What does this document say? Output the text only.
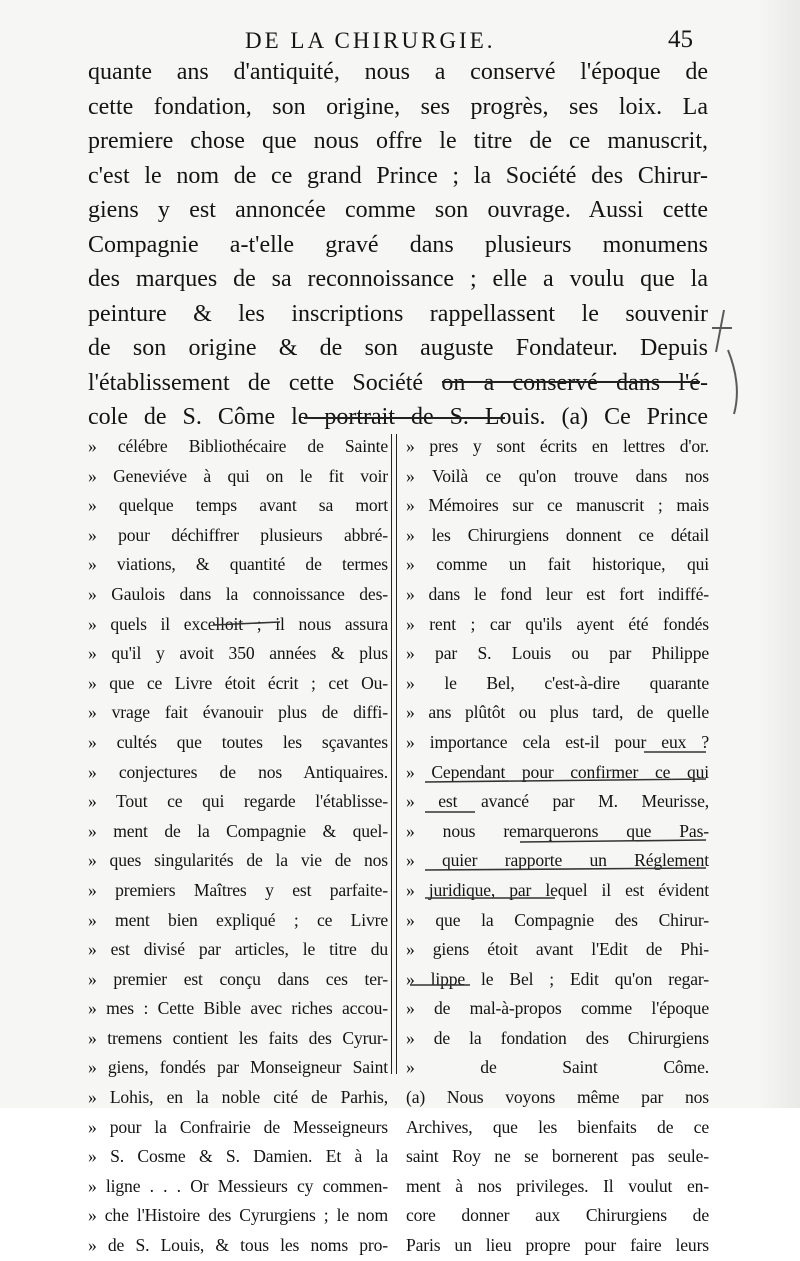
DE LA CHIRURGIE.	45
quante ans d'antiquité, nous a conservé l'époque de
cette fondation, son origine, ses progrès, ses loix. La
premiere chose que nous offre le titre de ce manuscrit,
c'est le nom de ce grand Prince ; la Société des Chirur-
giens y est annoncée comme son ouvrage. Aussi cette
Compagnie a-t'elle gravé dans plusieurs monumens
des marques de sa reconnoissance ; elle a voulu que la
peinture & les inscriptions rappellassent le souvenir
de son origine & de son auguste Fondateur. Depuis
l'établissement de cette Société on a conservé dans l'é-
cole de S. Côme le portrait de S. Louis. (a) Ce Prince
» célébre Bibliothécaire de Sainte
» Geneviéve à qui on le fit voir
» quelque temps avant sa mort
» pour déchiffrer plusieurs abbré-
» viations, & quantité de termes
» Gaulois dans la connoissance des-
» quels il excelloit ; il nous assura
» qu'il y avoit 350 années & plus
» que ce Livre étoit écrit ; cet Ou-
» vrage fait évanouir plus de diffi-
» cultés que toutes les sçavantes
» conjectures de nos Antiquaires.
» Tout ce qui regarde l'établisse-
» ment de la Compagnie & quel-
» ques singularités de la vie de nos
» premiers Maîtres y est parfaite-
» ment bien expliqué ; ce Livre
» est divisé par articles, le titre du
» premier est conçu dans ces ter-
» mes : Cette Bible avec riches accou-
» tremens contient les faits des Cyrur-
» giens, fondés par Monseigneur Saint
» Lohis, en la noble cité de Parhis,
» pour la Confrairie de Messeigneurs
» S. Cosme & S. Damien. Et à la
» ligne . . . Or Messieurs cy commen-
» che l'Histoire des Cyrurgiens ; le nom
» de S. Louis, & tous les noms pro-
» pres y sont écrits en lettres d'or.
» Voilà ce qu'on trouve dans nos
» Mémoires sur ce manuscrit ; mais
» les Chirurgiens donnent ce détail
» comme un fait historique, qui
» dans le fond leur est fort indiffé-
» rent ; car qu'ils ayent été fondés
» par S. Louis ou par Philippe
» le Bel, c'est-à-dire quarante
» ans plûtôt ou plus tard, de quelle
» importance cela est-il pour eux ?
» Cependant pour confirmer ce qui
» est avancé par M. Meurisse,
» nous remarquerons que Pas-
» quier rapporte un Réglement
» juridique, par lequel il est évident
» que la Compagnie des Chirur-
» giens étoit avant l'Edit de Phi-
» lippe le Bel ; Edit qu'on regar-
» de mal-à-propos comme l'époque
» de la fondation des Chirurgiens
» de Saint Côme.
(a) Nous voyons même par nos
Archives, que les bienfaits de ce
saint Roy ne se bornerent pas seule-
ment à nos privileges. Il voulut en-
core donner aux Chirurgiens de
Paris un lieu propre pour faire leurs
